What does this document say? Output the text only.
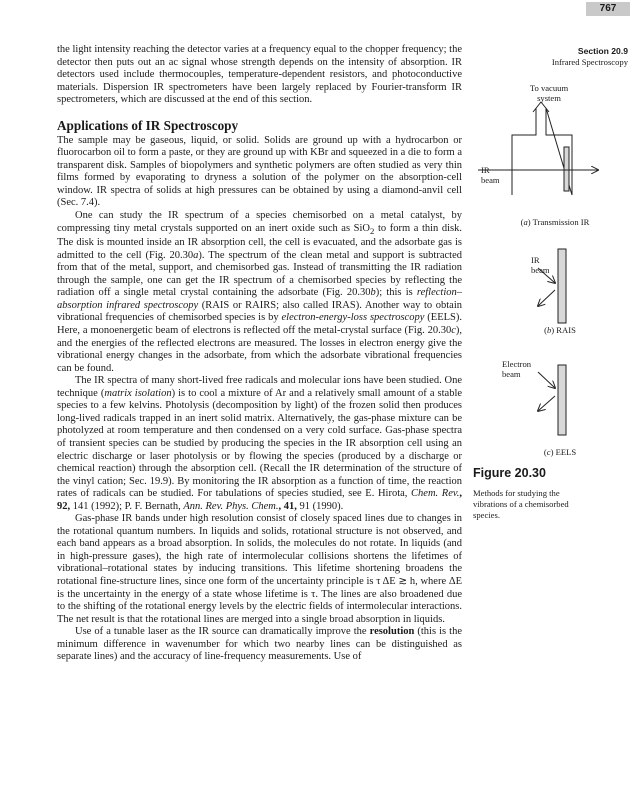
767
Section 20.9
Infrared Spectroscopy

the light intensity reaching the detector varies at a frequency equal to the chopper frequency; the detector then puts out an ac signal whose strength depends on the intensity of absorption. IR detectors used include thermocouples, temperature-dependent resistors, and photoconductive materials. Dispersion IR spectrometers have been largely replaced by Fourier-transform IR spectrometers, which are discussed at the end of this section.

Applications of IR Spectroscopy

The sample may be gaseous, liquid, or solid. Solids are ground up with a hydrocarbon or fluorocarbon oil to form a paste, or they are ground up with KBr and squeezed in a die to form a transparent disk. Samples of biopolymers and synthetic polymers are often studied as very thin films formed by evaporating to dryness a solution of the polymer on the absorption-cell window. IR spectra of solids at high pressures can be obtained by using a diamond-anvil cell (Sec. 7.4).

One can study the IR spectrum of a species chemisorbed on a metal catalyst, by compressing tiny metal crystals supported on an inert oxide such as SiO$_2$ to form a thin disk. The disk is mounted inside an IR absorption cell, the cell is evacuated, and the adsorbate gas is admitted to the cell (Fig. 20.30a). The spectrum of the clean metal and support is subtracted from that of the metal, support, and chemisorbed gas. Instead of transmitting the IR radiation through the sample, one can get the IR spectrum of a chemisorbed species by reflecting the radiation off a single metal crystal containing the adsorbate (Fig. 20.30b); this is reflection–absorption infrared spectroscopy (RAIS or RAIRS; also called IRAS). Another way to obtain vibrational frequencies of chemisorbed species is by electron-energy-loss spectroscopy (EELS). Here, a monoenergetic beam of electrons is reflected off the metal-crystal surface (Fig. 20.30c), and the energies of the reflected electrons are measured. The losses in electron energy give the vibrational energy changes in the adsorbate, from which the adsorbate vibrational frequencies can be found.

The IR spectra of many short-lived free radicals and molecular ions have been studied. One technique (matrix isolation) is to cool a mixture of Ar and a relatively small amount of a stable species to a few kelvins. Photolysis (decomposition by light) of the frozen solid then produces long-lived radicals trapped in an inert solid matrix. Alternatively, the gas-phase mixture can be photolyzed at room temperature and then condensed on a very cold surface. Gas-phase spectra of transient species can be studied by producing the species in the IR absorption cell using an electric discharge or laser photolysis or by flowing the species (produced by a discharge or chemical reaction) through the absorption cell. (Recall the IR determination of the structure of the vinyl cation; Sec. 19.9). By monitoring the IR absorption as a function of time, the reaction rates of radicals can be studied. For tabulations of species studied, see E. Hirota, Chem. Rev., 92, 141 (1992); P. F. Bernath, Ann. Rev. Phys. Chem., 41, 91 (1990).

Gas-phase IR bands under high resolution consist of closely spaced lines due to changes in the rotational quantum numbers. In liquids and solids, rotational structure is not observed, and each band appears as a broad absorption. In solids, the molecules do not rotate. In liquids (and in high-pressure gases), the high rate of intermolecular collisions shortens the lifetimes of vibrational–rotational states by inducing transitions. This lifetime shortening broadens the rotational fine-structure lines, since one form of the uncertainty principle is τ ΔE ≳ h, where ΔE is the uncertainty in the energy of a state whose lifetime is τ. The lines are also broadened due to the shifting of the rotational energy levels by the electric fields of intermolecular interactions. The net result is that the rotational lines are merged into a single broad absorption in liquids.

Use of a tunable laser as the IR source can dramatically improve the resolution (this is the minimum difference in wavenumber for which two nearby lines can be distinguished as separate lines) and the accuracy of line-frequency measurements. Use of

To vacuum
system
IR
beam
(a) Transmission IR
IR
beam
(b) RAIS
Electron
beam
(c) EELS
Figure 20.30
Methods for studying the vibrations of a chemisorbed species.
